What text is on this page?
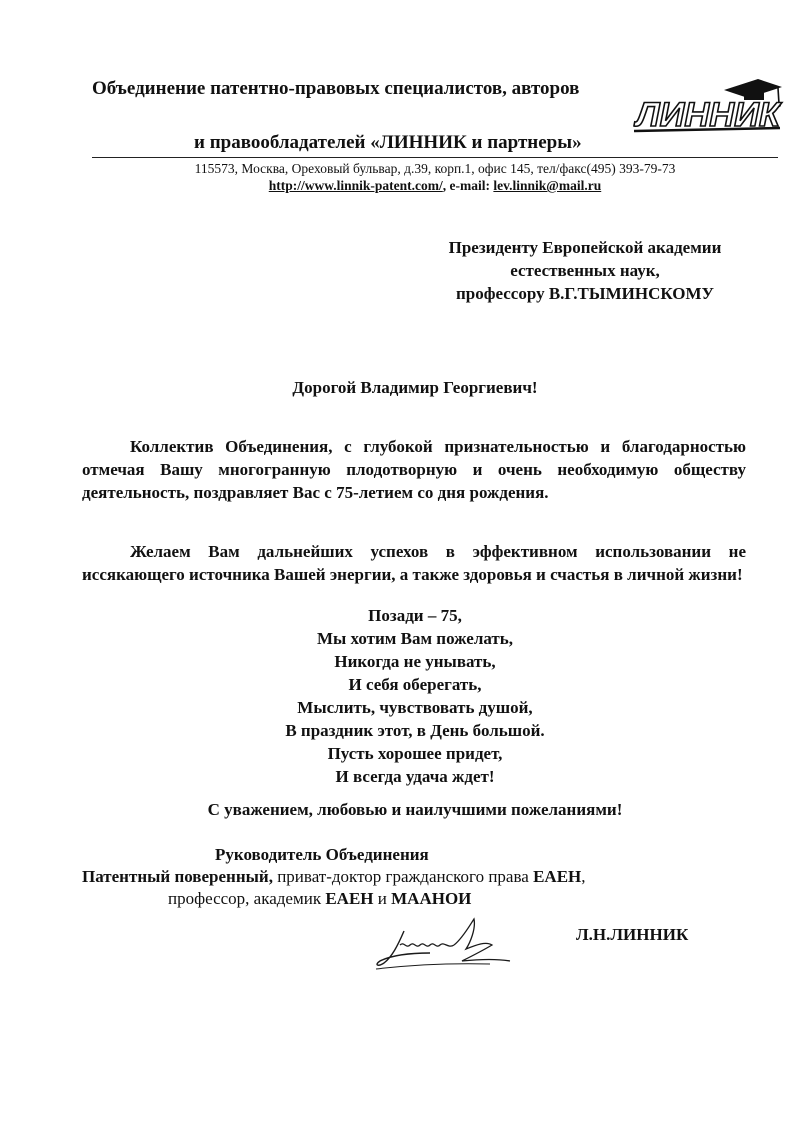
Объединение патентно-правовых специалистов, авторов
ЛИННИК
и правообладателей «ЛИННИК и партнеры»
115573, Москва, Ореховый бульвар, д.39, корп.1, офис 145, тел/факс(495) 393-79-73
http://www.linnik-patent.com/, e-mail: lev.linnik@mail.ru
Президенту Европейской академии
естественных наук,
профессору В.Г.ТЫМИНСКОМУ
Дорогой Владимир Георгиевич!
Коллектив Объединения, с глубокой признательностью и благодарностью отмечая Вашу многогранную плодотворную и очень необходимую обществу деятельность, поздравляет Вас с 75-летием со дня рождения.
Желаем Вам дальнейших успехов в эффективном использовании не иссякающего источника Вашей энергии, а также здоровья и счастья в личной жизни!
Позади – 75,
Мы хотим Вам пожелать,
Никогда не унывать,
И себя оберегать,
Мыслить, чувствовать душой,
В праздник этот, в День большой.
Пусть хорошее придет,
И всегда удача ждет!
С уважением, любовью и наилучшими пожеланиями!
Руководитель Объединения
Патентный поверенный, приват-доктор гражданского права ЕАЕН,
профессор, академик ЕАЕН и МААНОИ
Л.Н.ЛИННИК
